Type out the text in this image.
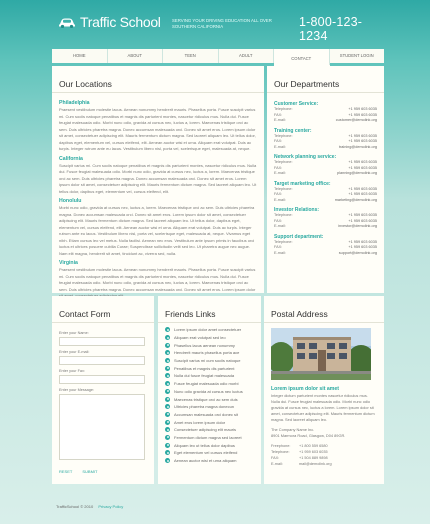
Traffic School	SERVING YOUR DRIVING EDUCATION ALL OVER SOUTHERN CALIFORNIA	1-800-123-1234
HOME	ABOUT	TEEN	ADULT
CONTACT
STUDENT LOGIN
Our Locations
Philadelphia
Praesent vestibulum molestie lacus. Aenean nonummy hendrerit mauris. Phasellus porta. Fusce suscipit varius mi. Cum sociis natoque penatibus et magnis dis parturient montes, nascetur ridiculus mus. Nulla dui. Fusce feugiat malesuada odio. Morbi nunc odio, gravida at cursus nec, luctus a, lorem. Maecenas tristique orci ac sem. Duis ultricies pharetra magna. Donec accumsan malesuada orci. Donec sit amet eros. Lorem ipsum dolor sit amet, consectetuer adipiscing elit. Mauris fermentum dictum magna. Sed laoreet aliquam leo. Ut tellus dolor, dapibus eget, elementum vel, cursus eleifend, elit. Aenean auctor wisi et urna. Aliquam erat volutpat. Duis ac turpis. Integer rutrum ante eu lacus. Vestibulum libero nisl, porta vel, scelerisque eget, malesuada at, neque.
California
Suscipit varius mi. Cum sociis natoque penatibus et magnis dis parturient montes, nascetur ridiculus mus. Nulla dui. Fusce feugiat malesuada odio. Morbi nunc odio, gravida at cursus nec, luctus a, lorem. Maecenas tristique orci ac sem. Duis ultricies pharetra magna. Donec accumsan malesuada orci. Donec sit amet eros. Lorem ipsum dolor sit amet, consectetuer adipiscing elit. Mauris fermentum dictum magna. Sed laoreet aliquam leo. Ut tellus dolor, dapibus eget, elementum vel, cursus eleifend, elit.
Honolulu
Morbi nunc odio, gravida at cursus nec, luctus a, lorem. Maecenas tristique orci ac sem. Duis ultricies pharetra magna. Donec accumsan malesuada orci. Donec sit amet eros. Lorem ipsum dolor sit amet, consectetuer adipiscing elit. Mauris fermentum dictum magna. Sed laoreet aliquam leo. Ut tellus dolor, dapibus eget, elementum vel, cursus eleifend, elit. Aenean auctor wisi et urna. Aliquam erat volutpat. Duis ac turpis. Integer rutrum ante eu lacus. Vestibulum libero nisl, porta vel, scelerisque eget, malesuada at, neque. Vivamus eget nibh. Etiam cursus leo vel metus. Nulla facilisi. Aenean nec eros. Vestibulum ante ipsum primis in faucibus orci luctus et ultrices posuere cubilia Curae; Suspendisse sollicitudin velit sed leo. Ut pharetra augue nec augue. Nam elit magna, hendrerit sit amet, tincidunt ac, viverra sed, nulla.
Virginia
Praesent vestibulum molestie lacus. Aenean nonummy hendrerit mauris. Phasellus porta. Fusce suscipit varius mi. Cum sociis natoque penatibus et magnis dis parturient montes, nascetur ridiculus mus. Nulla dui. Fusce feugiat malesuada odio. Morbi nunc odio, gravida at cursus nec, luctus a, lorem. Maecenas tristique orci ac sem. Duis ultricies pharetra magna. Donec accumsan malesuada orci. Donec sit amet eros. Lorem ipsum dolor
Our Departments
Customer Service:
Telephone:	+1 959 603 6035
FAX:	+1 959 603 6035
E-mail:	customer@demolink.org
Training center:
Telephone:	+1 959 603 6035
FAX:	+1 959 603 6035
E-mail:	training@demolink.org
Network planning service:
Telephone:	+1 959 603 6035
FAX:	+1 959 603 6035
E-mail:	planning@demolink.org
Target marketing office:
Telephone:	+1 959 603 6035
FAX:	+1 959 603 6035
E-mail:	marketing@demolink.org
Investor Relations:
Telephone:	+1 959 603 6035
FAX:	+1 959 603 6035
E-mail:	investor@demolink.org
Support department:
Telephone:	+1 959 603 6035
FAX:	+1 959 603 6035
E-mail:	support@demolink.org
Contact Form
Enter your Name:
Enter your E-mail:
Enter your Fax:
Enter your Message:
RESET	SUBMIT
Friends Links
Lorem ipsum dolor amet consectetuer
Aliquam erat volutpat sed leo
Phasellus lacus aenean nonummy
Hendrerit mauris phasellus porta ace
Suscipit varius mi cum sociis natoque
Penatibus et magnis dis parturient
Nulla dui fusce feugiat malesuada
Fusce feugiat malesuada odio morbi
Nunc odio gravida at cursus nec luctus
Maecenas tristique orci ac sem duis
Ultricies pharetra magna donecun
Accumsan malesuada orci donec sit
Amet eros lorem ipsum dolor
Consectetuer adipiscing elit mauris
Fermentum dictum magna sed laoreet
Aliquam leo ut tellus dolor dapibus
Eget elementum vel cursus eleifend
Aenean auctor wisi et urna aliquam
Postal Address
Lorem ipsum dolor sit amet
Integer dictum parturient montes nascetur ridiculus mus. Nulla dui. Fusce feugiat malesuada odio. Morbi nunc odio gravida at cursus nec, luctus a lorem. Lorem ipsum dolor sit amet, consectetuer adipiscing elit. Mauris fermentum dictum magna. Sed laoreet aliquam leo.
The Company Name Inc.
8901 Marmora Road, Glasgow, D04 89GR.
Freephone:	+1 800 559 6580
Telephone:	+1 959 603 6035
FAX:	+1 504 889 9898
E-mail:	mail@demolink.org
TrafficSchool © 2010 Privacy Policy
